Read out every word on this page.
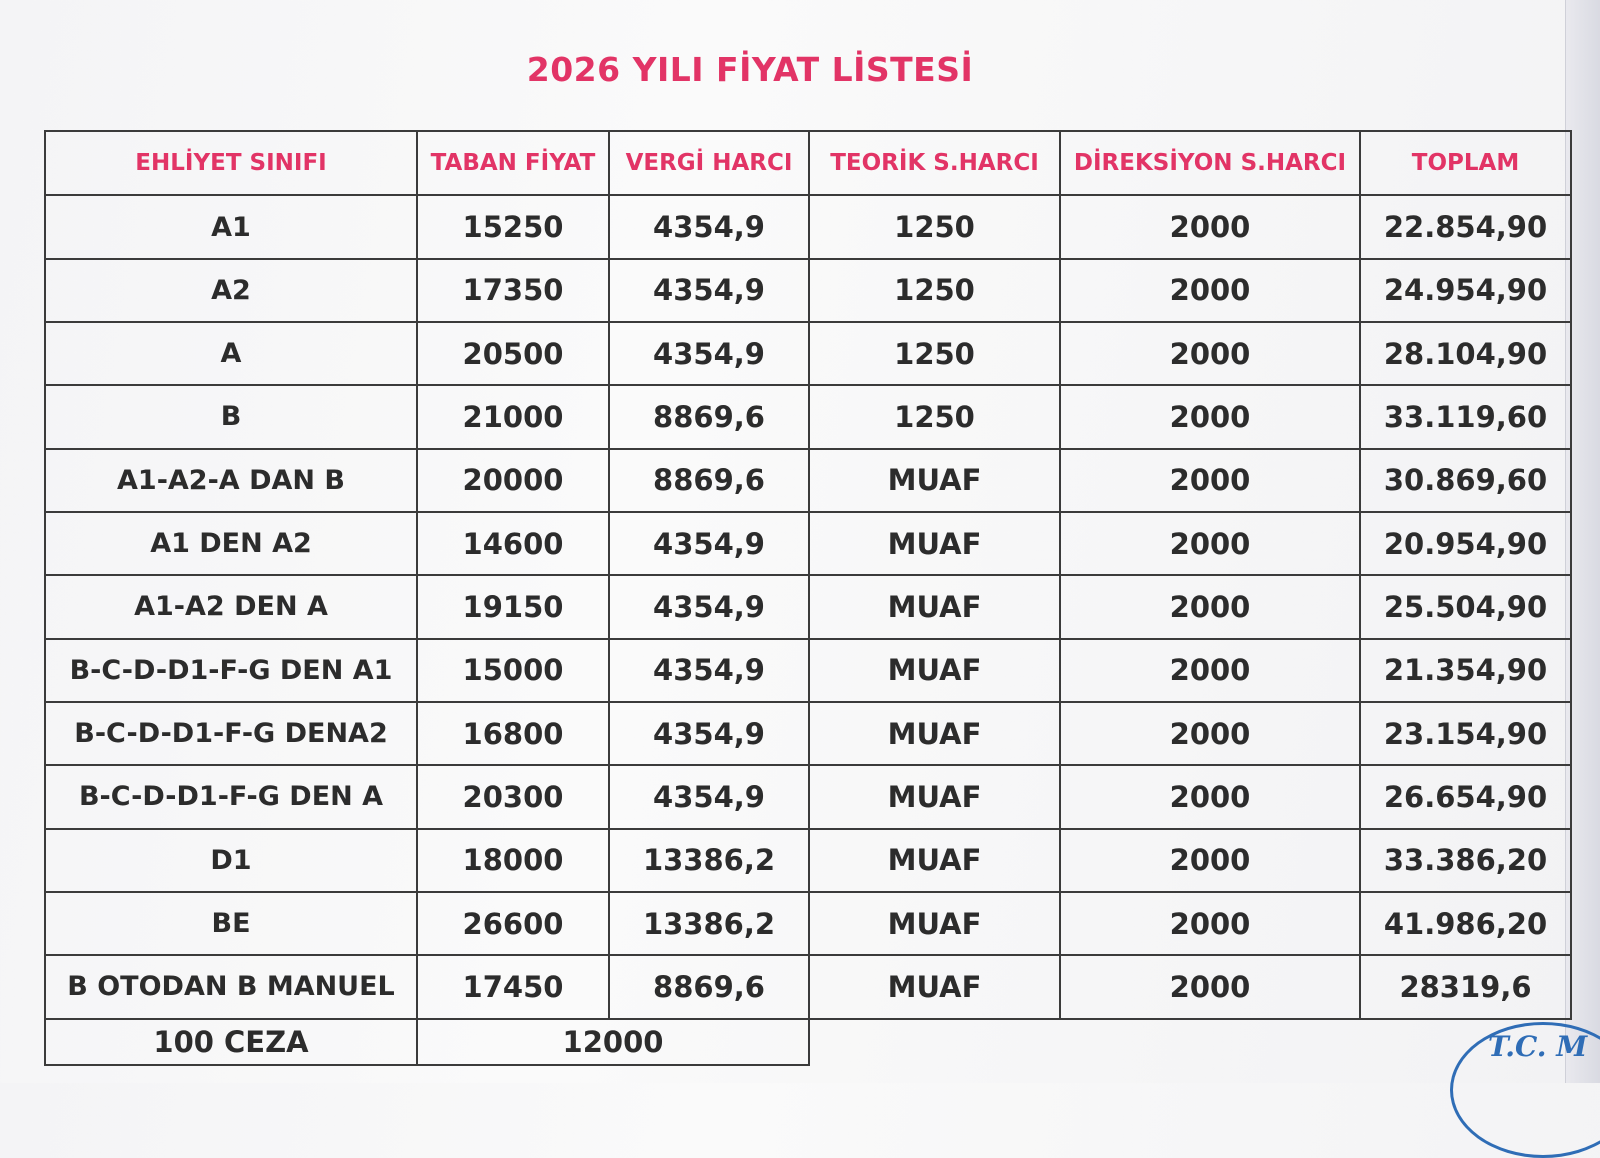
2026 YILI FİYAT LİSTESİ
EHLİYET SINIFI	TABAN FİYAT	VERGİ HARCI	TEORİK S.HARCI	DİREKSİYON S.HARCI	TOPLAM
A1	15250	4354,9	1250	2000	22.854,90
A2	17350	4354,9	1250	2000	24.954,90
A	20500	4354,9	1250	2000	28.104,90
B	21000	8869,6	1250	2000	33.119,60
A1-A2-A DAN B	20000	8869,6	MUAF	2000	30.869,60
A1 DEN A2	14600	4354,9	MUAF	2000	20.954,90
A1-A2 DEN A	19150	4354,9	MUAF	2000	25.504,90
B-C-D-D1-F-G DEN A1	15000	4354,9	MUAF	2000	21.354,90
B-C-D-D1-F-G DENA2	16800	4354,9	MUAF	2000	23.154,90
B-C-D-D1-F-G DEN A	20300	4354,9	MUAF	2000	26.654,90
D1	18000	13386,2	MUAF	2000	33.386,20
BE	26600	13386,2	MUAF	2000	41.986,20
B OTODAN B MANUEL	17450	8869,6	MUAF	2000	28319,6
100 CEZA	12000					T.C. M
